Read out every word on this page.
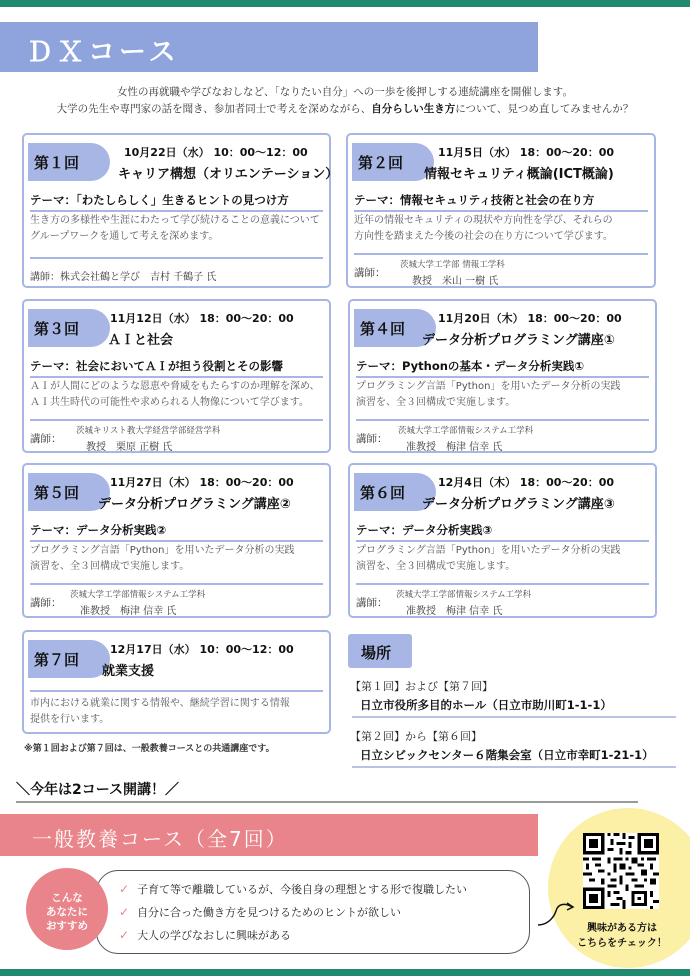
ＤＸコース
女性の再就職や学びなおしなど、「なりたい自分」への一歩を後押しする連続講座を開催します。
大学の先生や専門家の話を聞き、参加者同士で考えを深めながら、自分らしい生き方について、見つめ直してみませんか？
第１回
10月22日（水） 10：00～12：00
キャリア構想（オリエンテーション）
テーマ：「わたしらしく」生きるヒントの見つけ方
生き方の多様性や生涯にわたって学び続けることの意義について
グループワークを通して考えを深めます。
講師：株式会社鶴と学び　吉村 千鶴子 氏
第２回
11月5日（水） 18：00～20：00
情報セキュリティ概論(ICT概論)
テーマ：情報セキュリティ技術と社会の在り方
近年の情報セキュリティの現状や方向性を学び、それらの
方向性を踏まえた今後の社会の在り方について学びます。
講師：
茨城大学工学部 情報工学科
教授　米山 一樹 氏
第３回
11月12日（水） 18：00～20：00
ＡＩと社会
テーマ：社会においてＡＩが担う役割とその影響
ＡＩが人間にどのような恩恵や脅威をもたらすのか理解を深め、
ＡＩ共生時代の可能性や求められる人物像について学びます。
講師：
茨城キリスト教大学経営学部経営学科
教授　栗原 正樹 氏
第４回
11月20日（木） 18：00～20：00
データ分析プログラミング講座①
テーマ：Pythonの基本・データ分析実践①
プログラミング言語「Python」を用いたデータ分析の実践
演習を、全３回構成で実施します。
講師：
茨城大学工学部情報システム工学科
准教授　梅津 信幸 氏
第５回
11月27日（木） 18：00～20：00
データ分析プログラミング講座②
テーマ：データ分析実践②
プログラミング言語「Python」を用いたデータ分析の実践
演習を、全３回構成で実施します。
講師：
茨城大学工学部情報システム工学科
准教授　梅津 信幸 氏
第６回
12月4日（木） 18：00～20：00
データ分析プログラミング講座③
テーマ：データ分析実践③
プログラミング言語「Python」を用いたデータ分析の実践
演習を、全３回構成で実施します。
講師：
茨城大学工学部情報システム工学科
准教授　梅津 信幸 氏
第７回
12月17日（水） 10：00～12：00
就業支援
市内における就業に関する情報や、継続学習に関する情報
提供を行います。
※第１回および第７回は、一般教養コースとの共通講座です。
場所
【第１回】および【第７回】
日立市役所多目的ホール（日立市助川町1-1-1）
【第２回】から【第６回】
日立シビックセンター６階集会室（日立市幸町1-21-1）
＼今年は2コース開講！／
一般教養コース（全7回）
✓ 子育て等で離職しているが、今後自身の理想とする形で復職したい
✓ 自分に合った働き方を見つけるためのヒントが欲しい
✓ 大人の学びなおしに興味がある
こんな
あなたに
おすすめ	興味がある方は
こちらをチェック！
